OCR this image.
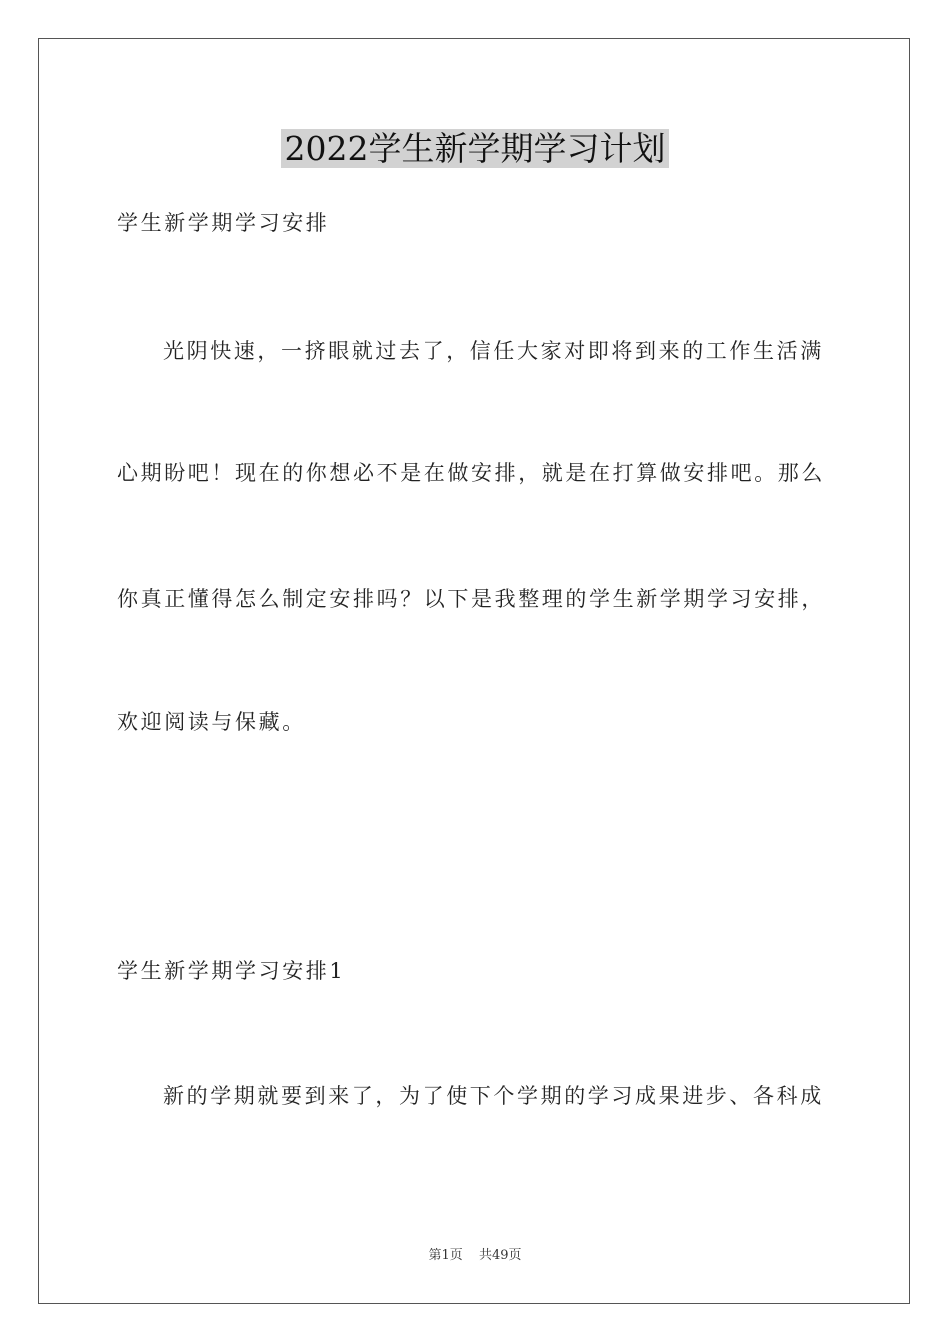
2022学生新学期学习计划
学生新学期学习安排
光阴快速，一挤眼就过去了，信任大家对即将到来的工作生活满
心期盼吧！现在的你想必不是在做安排，就是在打算做安排吧。那么
你真正懂得怎么制定安排吗？以下是我整理的学生新学期学习安排，
欢迎阅读与保藏。
学生新学期学习安排1
新的学期就要到来了，为了使下个学期的学习成果进步、各科成
第1页 共49页
